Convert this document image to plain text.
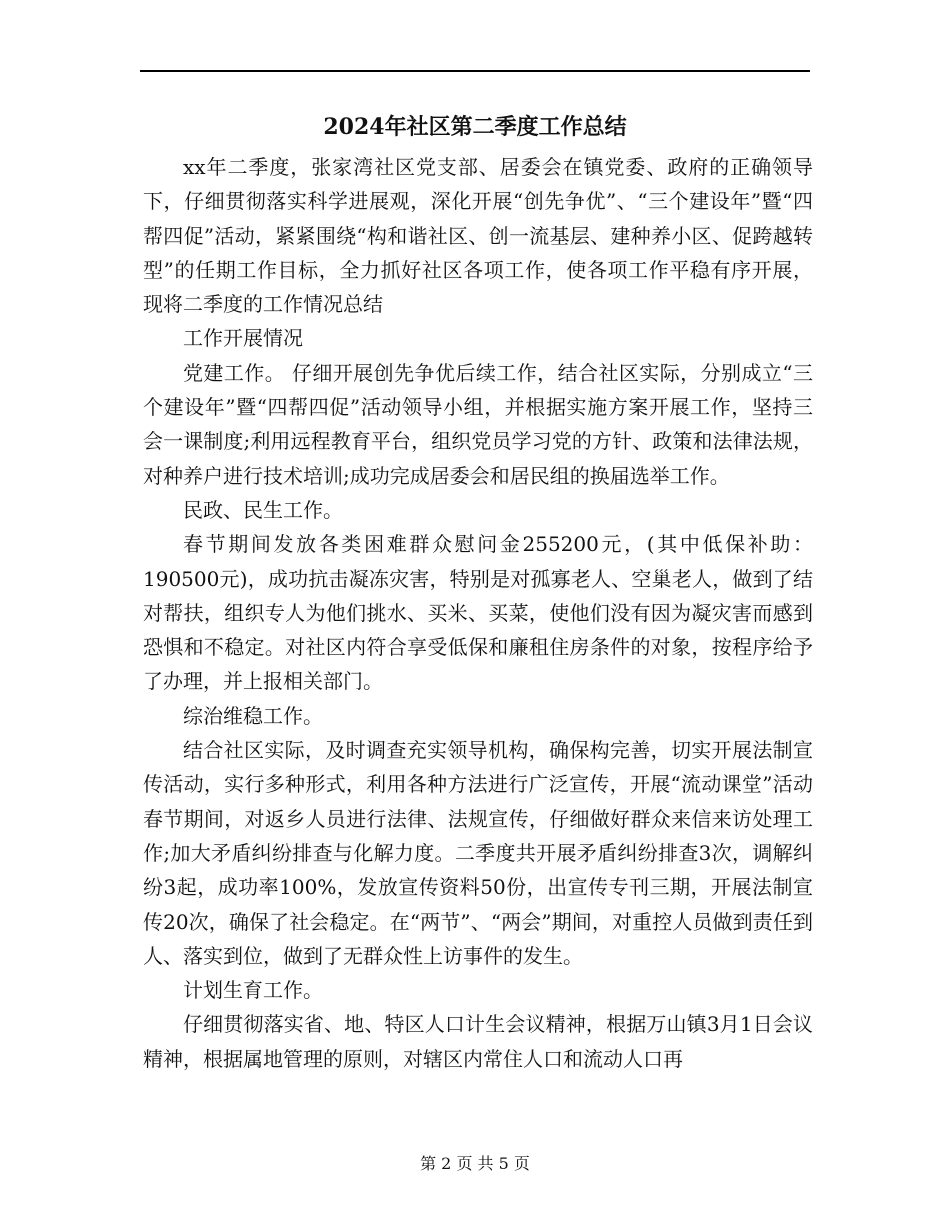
2024年社区第二季度工作总结

xx年二季度，张家湾社区党支部、居委会在镇党委、政府的正确领导下，仔细贯彻落实科学进展观，深化开展“创先争优”、“三个建设年”暨“四帮四促”活动，紧紧围绕“构和谐社区、创一流基层、建种养小区、促跨越转型”的任期工作目标，全力抓好社区各项工作，使各项工作平稳有序开展，现将二季度的工作情况总结

工作开展情况

党建工作。 仔细开展创先争优后续工作，结合社区实际，分别成立“三个建设年”暨“四帮四促”活动领导小组，并根据实施方案开展工作，坚持三会一课制度;利用远程教育平台，组织党员学习党的方针、政策和法律法规，对种养户进行技术培训;成功完成居委会和居民组的换届选举工作。

民政、民生工作。

春节期间发放各类困难群众慰问金255200元，(其中低保补助：190500元)，成功抗击凝冻灾害，特别是对孤寡老人、空巢老人，做到了结对帮扶，组织专人为他们挑水、买米、买菜，使他们没有因为凝灾害而感到恐惧和不稳定。对社区内符合享受低保和廉租住房条件的对象，按程序给予了办理，并上报相关部门。

综治维稳工作。

结合社区实际，及时调查充实领导机构，确保构完善，切实开展法制宣传活动，实行多种形式，利用各种方法进行广泛宣传，开展“流动课堂”活动春节期间，对返乡人员进行法律、法规宣传，仔细做好群众来信来访处理工作;加大矛盾纠纷排查与化解力度。二季度共开展矛盾纠纷排查3次，调解纠纷3起，成功率100%，发放宣传资料50份，出宣传专刊三期，开展法制宣传20次，确保了社会稳定。在“两节”、“两会”期间，对重控人员做到责任到人、落实到位，做到了无群众性上访事件的发生。

计划生育工作。

仔细贯彻落实省、地、特区人口计生会议精神，根据万山镇3月1日会议精神，根据属地管理的原则，对辖区内常住人口和流动人口再

第 2 页 共 5 页
